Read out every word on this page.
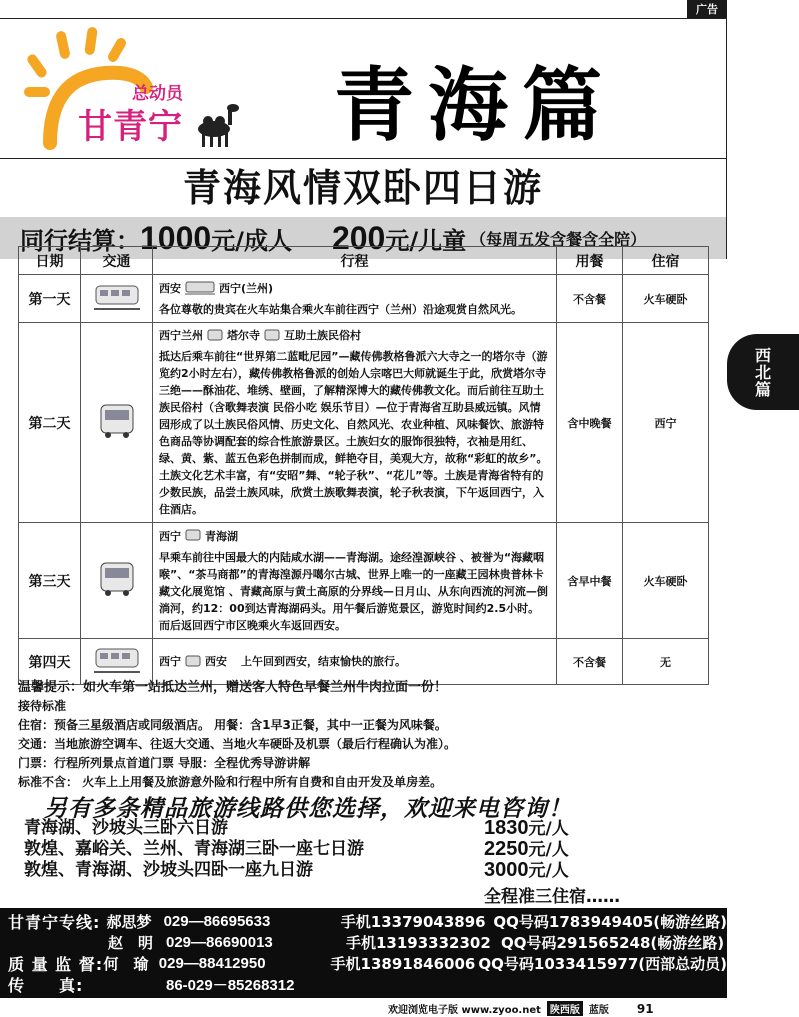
广告
总动员
甘青宁 青海篇
青海风情双卧四日游
同行结算： 1000 元/成人 200 元/儿童 （每周五发含餐含全陪）
日期	交通	行程	用餐	住宿
第一天		西安 西宁(兰州)
各位尊敬的贵宾在火车站集合乘火车前往西宁（兰州）沿途观赏自然风光。	不含餐	火车硬卧
第二天		西宁兰州 塔尔寺 互助土族民俗村
抵达后乘车前往“世界第二蓝毗尼园”—藏传佛教格鲁派六大寺之一的塔尔寺（游览约2小时左右），藏传佛教格鲁派的创始人宗喀巴大师就诞生于此，欣赏塔尔寺三绝——酥油花、堆绣、壁画，了解精深博大的藏传佛教文化。而后前往互助土族民俗村（含歌舞表演 民俗小吃 娱乐节目）—位于青海省互助县威远镇。风情园形成了以土族民俗风情、历史文化、自然风光、农业种植、风味餐饮、旅游特色商品等协调配套的综合性旅游景区。土族妇女的服饰很独特，衣袖是用红、绿、黄、紫、蓝五色彩色拼制而成，鲜艳夺目，美观大方，故称“彩虹的故乡”。土族文化艺术丰富，有“安昭”舞、“轮子秋”、“花儿”等。土族是青海省特有的少数民族，品尝土族风味，欣赏土族歌舞表演，轮子秋表演，下午返回西宁，入住酒店。	含中晚餐	西宁
第三天		西宁 青海湖
早乘车前往中国最大的内陆咸水湖——青海湖。途经湟源峡谷 、被誉为“海藏咽喉”、“茶马商都”的青海湟源丹噶尔古城、世界上唯一的一座藏王园林贵普林卡藏文化展览馆 、青藏高原与黄土高原的分界线—日月山、从东向西流的河流—倒淌河，约12：00到达青海湖码头。用午餐后游览景区，游览时间约2.5小时。而后返回西宁市区晚乘火车返回西安。	含早中餐	火车硬卧
第四天		西宁 西安 上午回到西安，结束愉快的旅行。	不含餐	无
西
北
篇
温馨提示：如火车第一站抵达兰州，赠送客人特色早餐兰州牛肉拉面一份！
接待标准
住宿：预备三星级酒店或同级酒店。 用餐：含1早3正餐，其中一正餐为风味餐。
交通：当地旅游空调车、往返大交通、当地火车硬卧及机票（最后行程确认为准）。
门票：行程所列景点首道门票 导服：全程优秀导游讲解
标准不含： 火车上上用餐及旅游意外险和行程中所有自费和自由开发及单房差。
另有多条精品旅游线路供您选择，欢迎来电咨询！
青海湖、沙坡头三卧六日游	1830元/人
敦煌、嘉峪关、兰州、青海湖三卧一座七日游	2250元/人
敦煌、青海湖、沙坡头四卧一座九日游	3000元/人
全程准三住宿……
甘青宁专线: 郝思梦 029—86695633	手机13379043896 QQ号码1783949405(畅游丝路)
赵　明 029—86690013	手机13193332302 QQ号码291565248(畅游丝路)
质 量 监 督: 何　瑜 029—88412950	手机13891846006 QQ号码1033415977(西部总动员)
传　　真:	86-029－85268312
欢迎浏览电子版 www.zyoo.net 陕西版 蓝版 91
